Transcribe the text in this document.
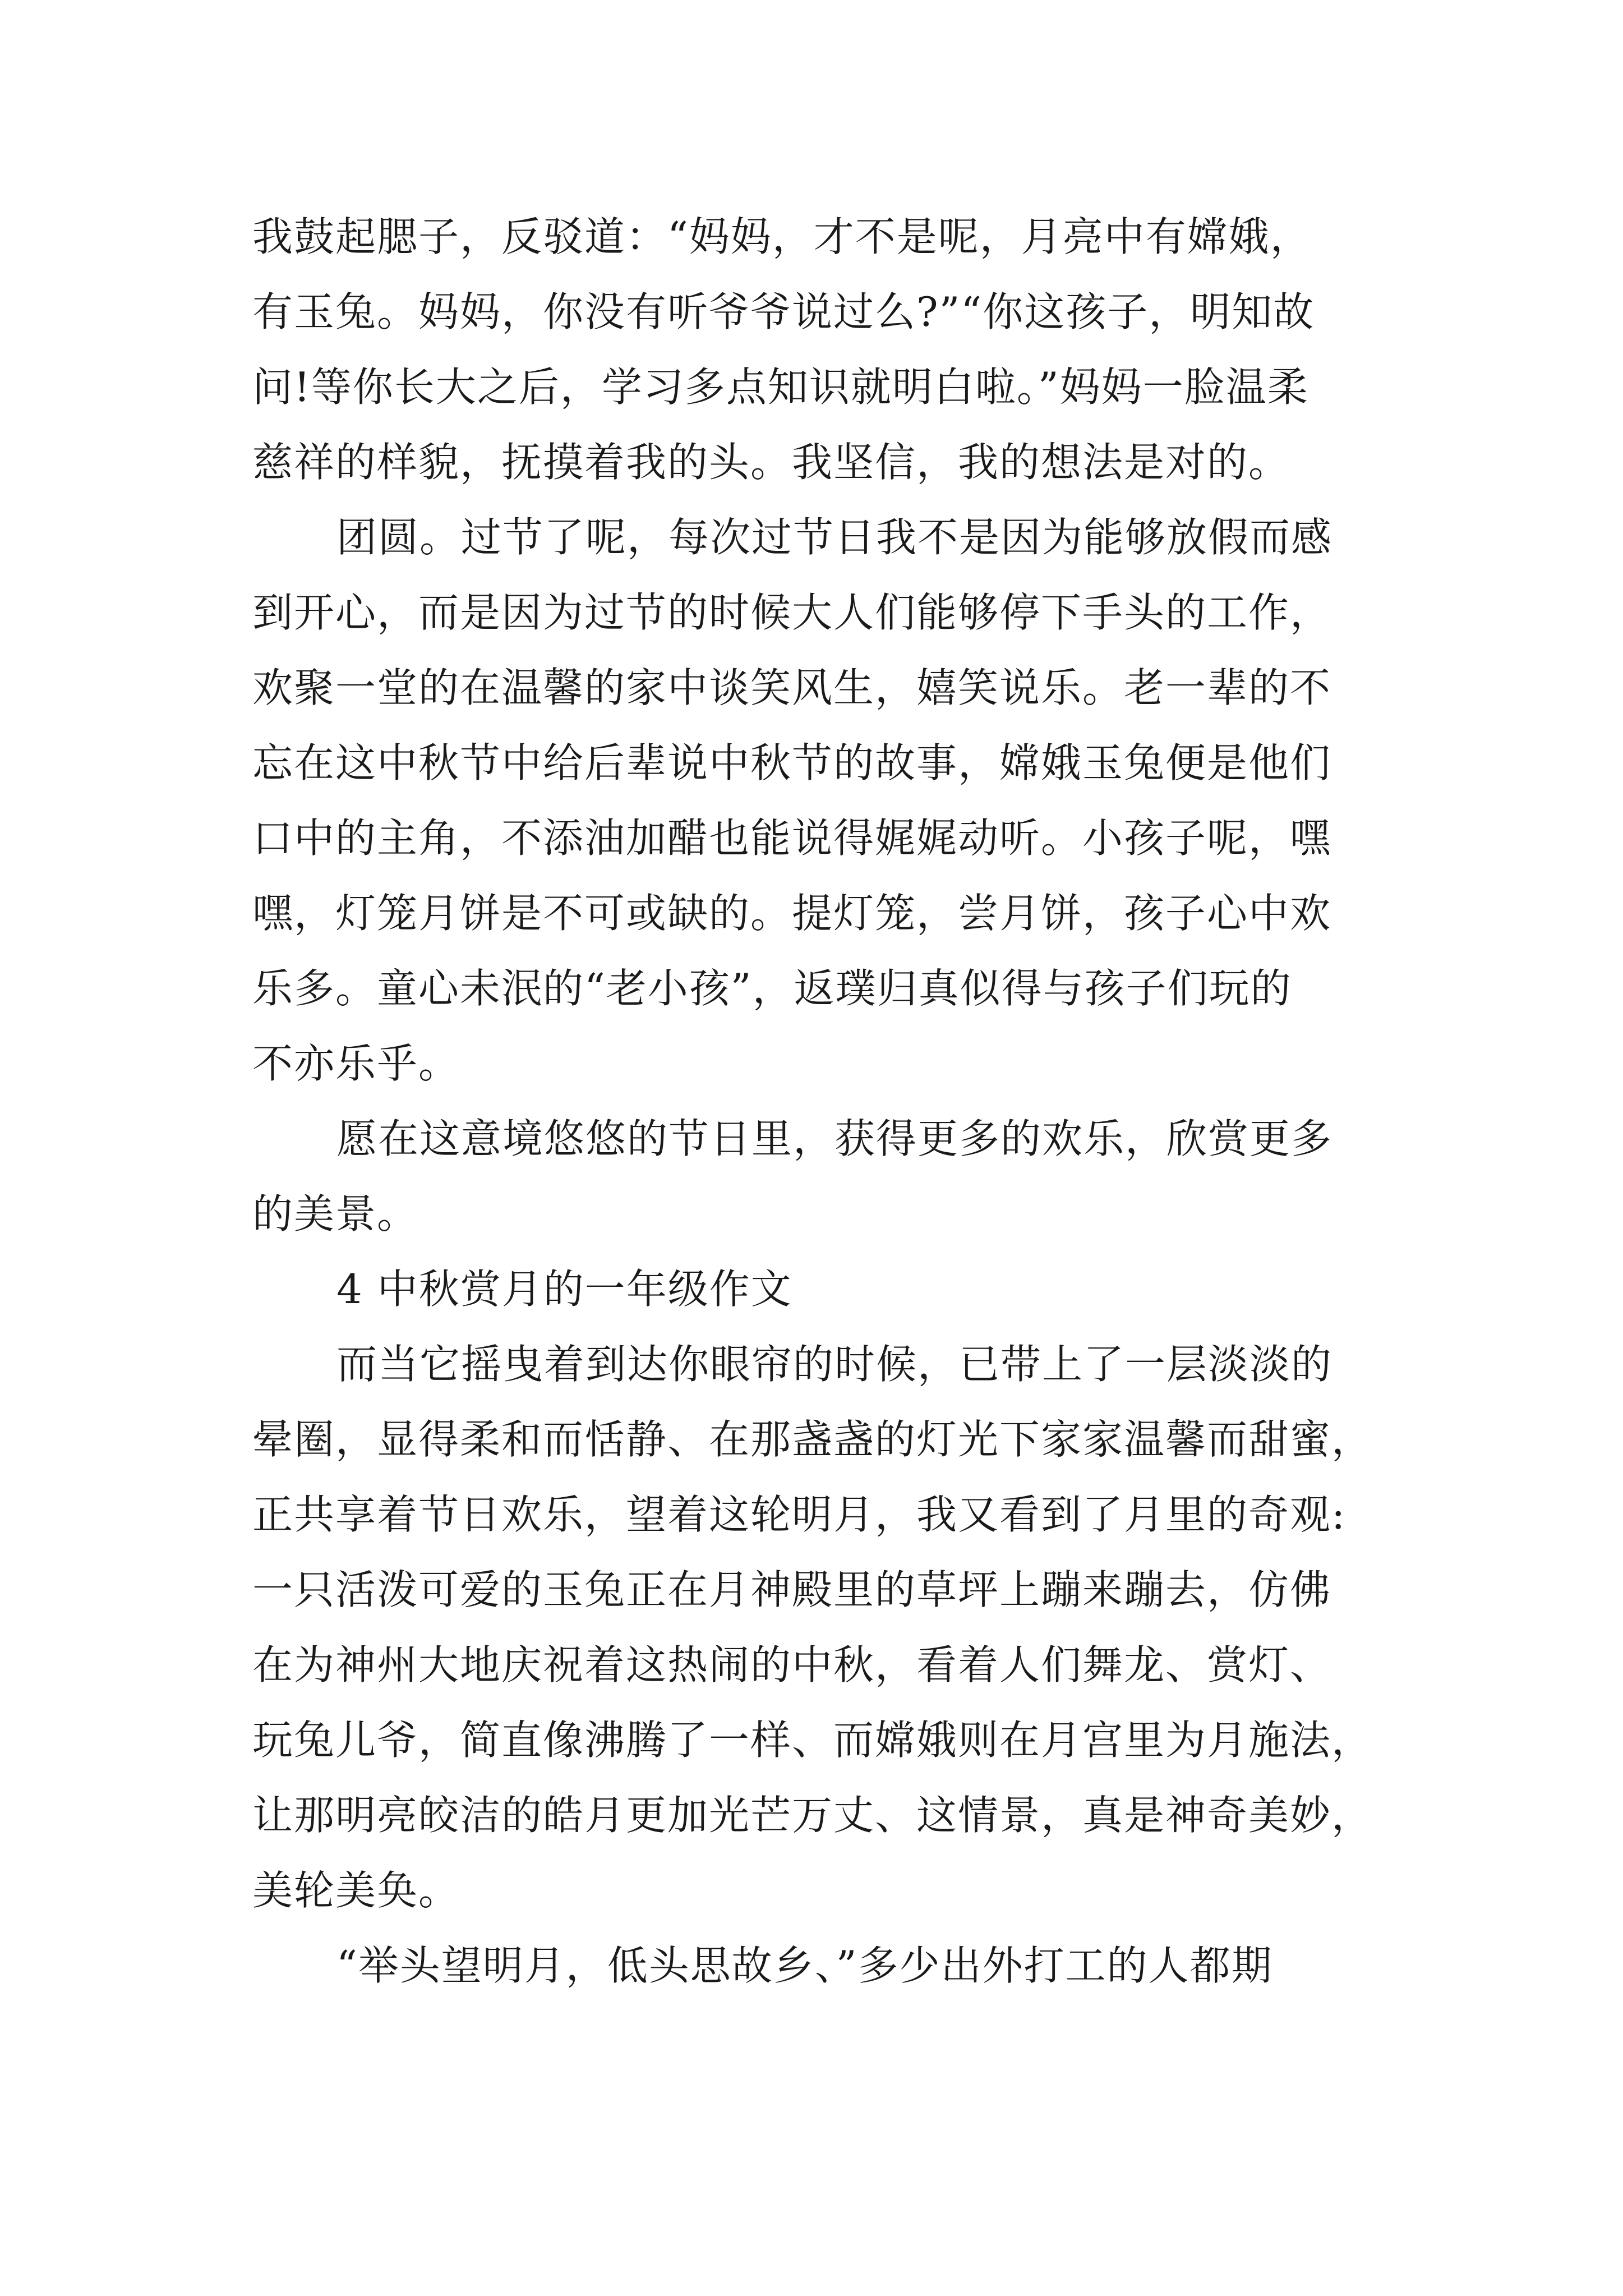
我鼓起腮子，反驳道：“妈妈，才不是呢，月亮中有嫦娥，
有玉兔。妈妈，你没有听爷爷说过么?”“你这孩子，明知故
问!等你长大之后，学习多点知识就明白啦。”妈妈一脸温柔
慈祥的样貌，抚摸着我的头。我坚信，我的想法是对的。
团圆。过节了呢，每次过节日我不是因为能够放假而感
到开心，而是因为过节的时候大人们能够停下手头的工作，
欢聚一堂的在温馨的家中谈笑风生，嬉笑说乐。老一辈的不
忘在这中秋节中给后辈说中秋节的故事，嫦娥玉兔便是他们
口中的主角，不添油加醋也能说得娓娓动听。小孩子呢，嘿
嘿，灯笼月饼是不可或缺的。提灯笼，尝月饼，孩子心中欢
乐多。童心未泯的“老小孩”，返璞归真似得与孩子们玩的
不亦乐乎。
愿在这意境悠悠的节日里，获得更多的欢乐，欣赏更多
的美景。
4 中秋赏月的一年级作文
而当它摇曳着到达你眼帘的时候，已带上了一层淡淡的
晕圈，显得柔和而恬静、在那盏盏的灯光下家家温馨而甜蜜，
正共享着节日欢乐，望着这轮明月，我又看到了月里的奇观:
一只活泼可爱的玉兔正在月神殿里的草坪上蹦来蹦去，仿佛
在为神州大地庆祝着这热闹的中秋，看着人们舞龙、赏灯、
玩兔儿爷，简直像沸腾了一样、而嫦娥则在月宫里为月施法，
让那明亮皎洁的皓月更加光芒万丈、这情景，真是神奇美妙，
美轮美奂。
“举头望明月，低头思故乡、”多少出外打工的人都期
